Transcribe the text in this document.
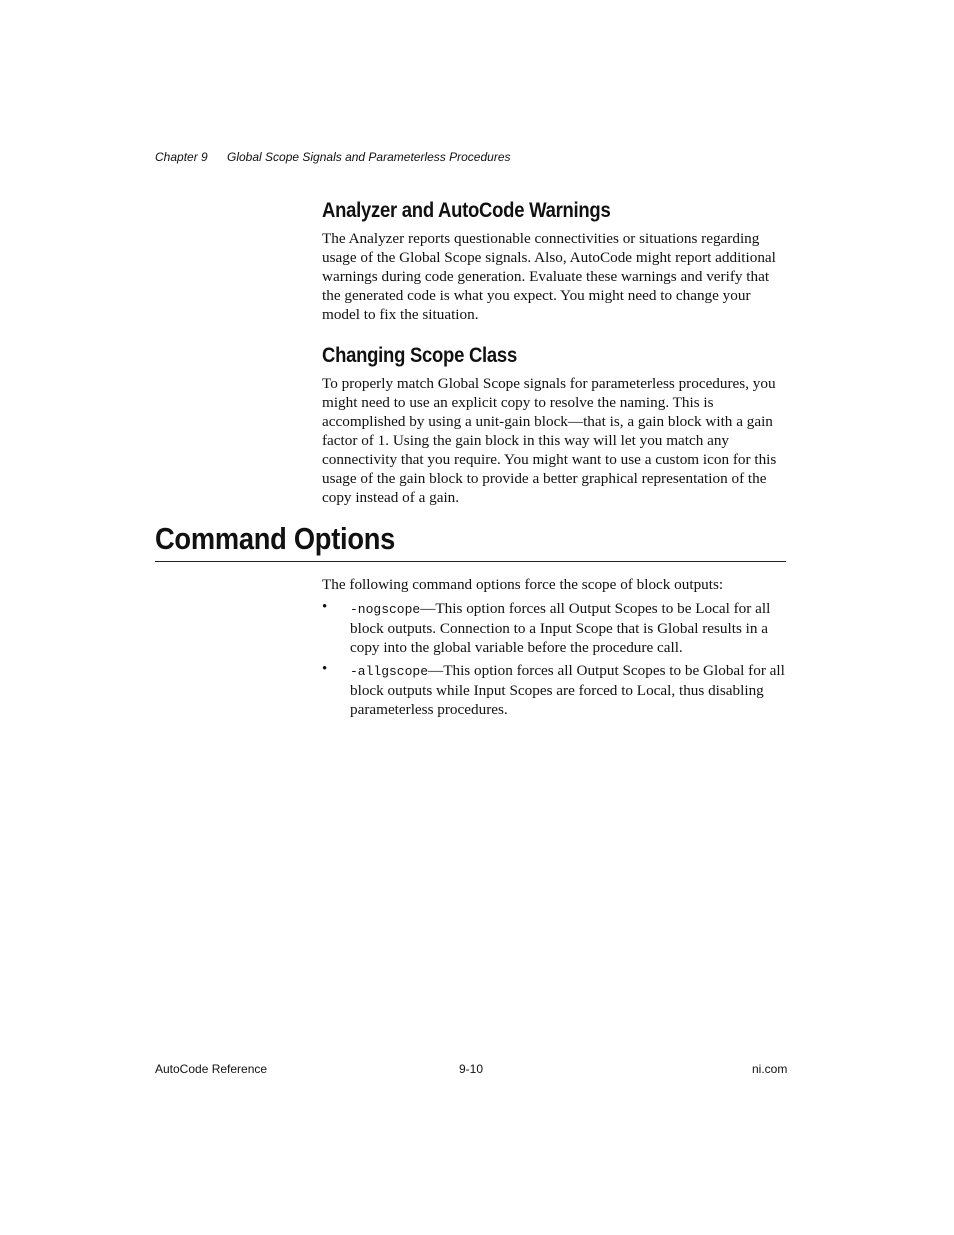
Chapter 9 Global Scope Signals and Parameterless Procedures
Analyzer and AutoCode Warnings

The Analyzer reports questionable connectivities or situations regarding usage of the Global Scope signals. Also, AutoCode might report additional warnings during code generation. Evaluate these warnings and verify that the generated code is what you expect. You might need to change your model to fix the situation.

Changing Scope Class

To properly match Global Scope signals for parameterless procedures, you might need to use an explicit copy to resolve the naming. This is accomplished by using a unit-gain block—that is, a gain block with a gain factor of 1. Using the gain block in this way will let you match any connectivity that you require. You might want to use a custom icon for this usage of the gain block to provide a better graphical representation of the copy instead of a gain.

Command Options

The following command options force the scope of block outputs:

• -nogscope—This option forces all Output Scopes to be Local for all block outputs. Connection to a Input Scope that is Global results in a copy into the global variable before the procedure call.

• -allgscope—This option forces all Output Scopes to be Global for all block outputs while Input Scopes are forced to Local, thus disabling parameterless procedures.

AutoCode Reference	9-10	ni.com
